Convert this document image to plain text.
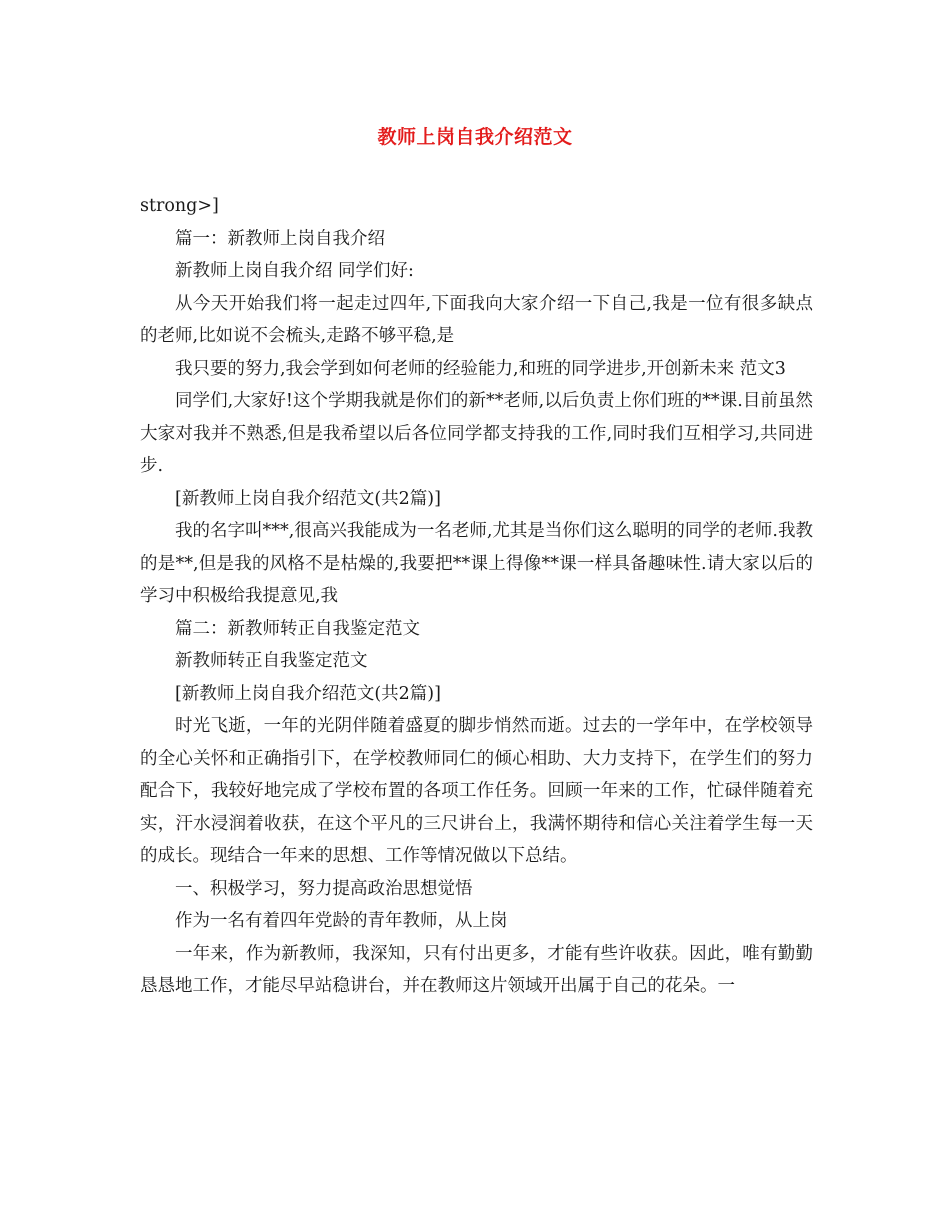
教师上岗自我介绍范文

strong>]

篇一：新教师上岗自我介绍

新教师上岗自我介绍 同学们好:

从今天开始我们将一起走过四年,下面我向大家介绍一下自己,我是一位有很多缺点的老师,比如说不会梳头,走路不够平稳,是

我只要的努力,我会学到如何老师的经验能力,和班的同学进步,开创新未来 范文3

同学们,大家好!这个学期我就是你们的新**老师,以后负责上你们班的**课.目前虽然大家对我并不熟悉,但是我希望以后各位同学都支持我的工作,同时我们互相学习,共同进步.

[新教师上岗自我介绍范文(共2篇)]

我的名字叫***,很高兴我能成为一名老师,尤其是当你们这么聪明的同学的老师.我教的是**,但是我的风格不是枯燥的,我要把**课上得像**课一样具备趣味性.请大家以后的学习中积极给我提意见,我

篇二：新教师转正自我鉴定范文

新教师转正自我鉴定范文

[新教师上岗自我介绍范文(共2篇)]

时光飞逝，一年的光阴伴随着盛夏的脚步悄然而逝。过去的一学年中，在学校领导的全心关怀和正确指引下，在学校教师同仁的倾心相助、大力支持下，在学生们的努力配合下，我较好地完成了学校布置的各项工作任务。回顾一年来的工作，忙碌伴随着充实，汗水浸润着收获，在这个平凡的三尺讲台上，我满怀期待和信心关注着学生每一天的成长。现结合一年来的思想、工作等情况做以下总结。

一、积极学习，努力提高政治思想觉悟

作为一名有着四年党龄的青年教师，从上岗

一年来，作为新教师，我深知，只有付出更多，才能有些许收获。因此，唯有勤勤恳恳地工作，才能尽早站稳讲台，并在教师这片领域开出属于自己的花朵。一
